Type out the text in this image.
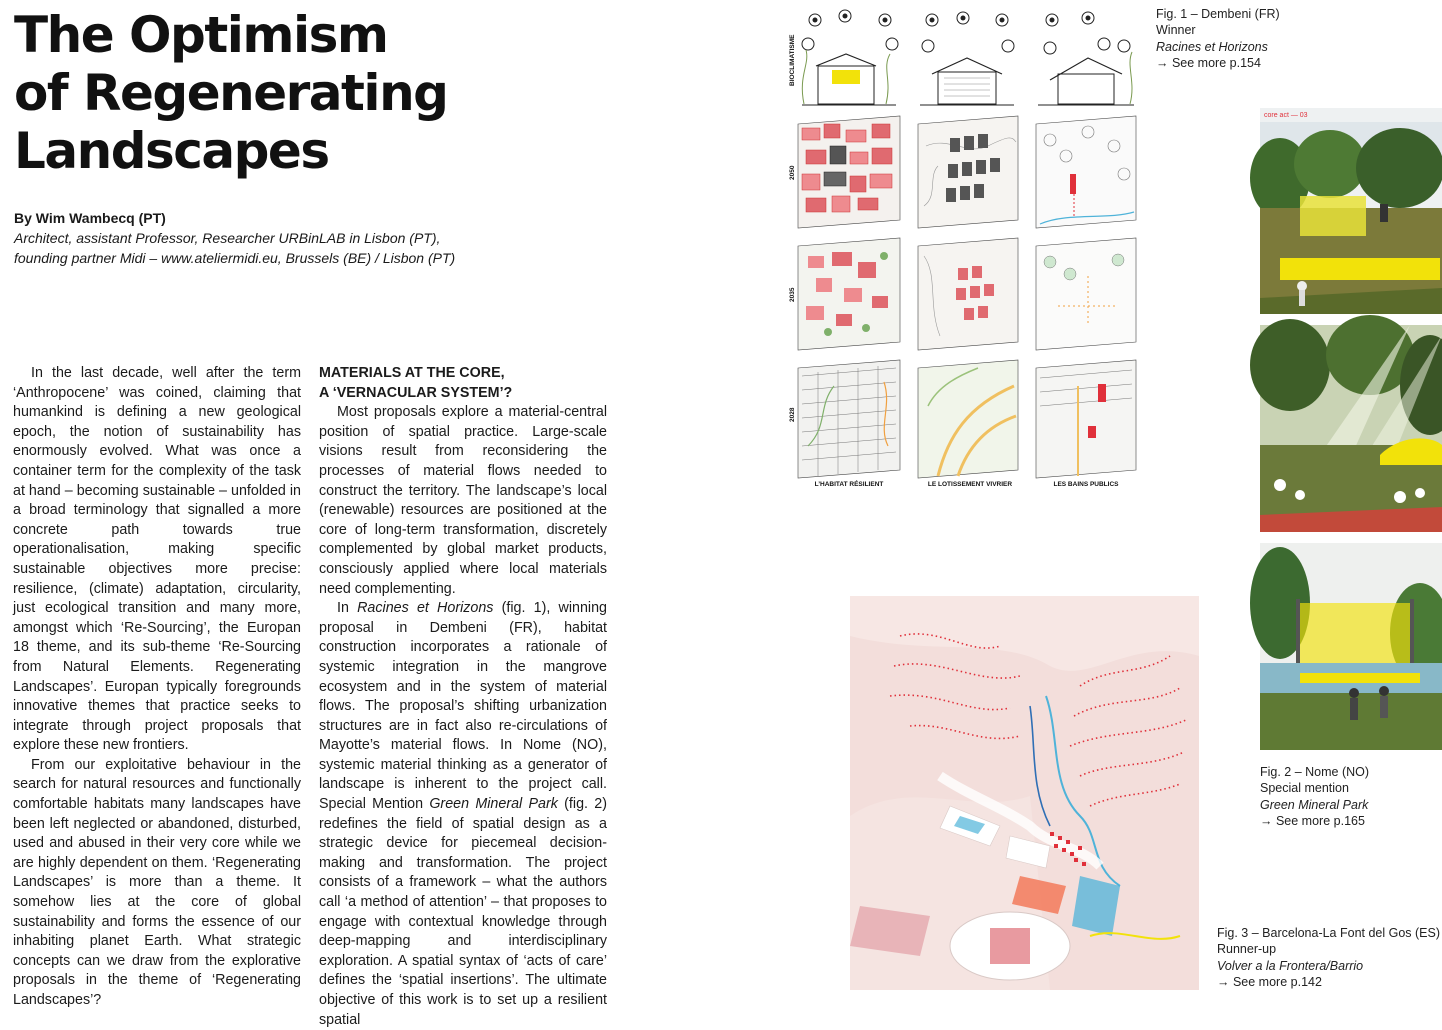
The Optimism
of Regenerating
Landscapes
By Wim Wambecq (PT)
Architect, assistant Professor, Researcher URBinLAB in Lisbon (PT),
founding partner Midi – www.ateliermidi.eu, Brussels (BE) / Lisbon (PT)

In the last decade, well after the term ‘Anthropocene’ was coined, claiming that humankind is defining a new geological epoch, the notion of sustainability has enormously evolved. What was once a container term for the complexity of the task at hand – becoming sustainable – unfolded in a broad terminology that signalled a more concrete path towards true operationalisation, making specific sustainable objectives more precise: resilience, (climate) adaptation, circularity, just ecological transition and many more, amongst which ‘Re-Sourcing’, the Europan 18 theme, and its sub-theme ‘Re-Sourcing from Natural Elements. Regenerating Landscapes’. Europan typically foregrounds innovative themes that practice seeks to integrate through project proposals that explore these new frontiers.

From our exploitative behaviour in the search for natural resources and functionally comfortable habitats many landscapes have been left neglected or abandoned, disturbed, used and abused in their very core while we are highly dependent on them. ‘Regenerating Landscapes’ is more than a theme. It somehow lies at the core of global sustainability and forms the essence of our inhabiting planet Earth. What strategic concepts can we draw from the explorative proposals in the theme of ‘Regenerating Landscapes’?

MATERIALS AT THE CORE,
A ‘VERNACULAR SYSTEM’?

Most proposals explore a material-central position of spatial practice. Large-scale visions result from reconsidering the processes of material flows needed to construct the territory. The landscape’s local (renewable) resources are positioned at the core of long-term transformation, discretely complemented by global market products, consciously applied where local materials need complementing.

In Racines et Horizons (fig. 1), winning proposal in Dembeni (FR), habitat construction incorporates a rationale of systemic integration in the mangrove ecosystem and in the system of material flows. The proposal’s shifting urbanization structures are in fact also re-circulations of Mayotte’s material flows. In Nome (NO), systemic material thinking as a generator of landscape is inherent to the project call. Special Mention Green Mineral Park (fig. 2) redefines the field of spatial design as a strategic device for piecemeal decision-making and transformation. The project consists of a framework – what the authors call ‘a method of attention’ – that proposes to engage with contextual knowledge through deep-mapping and interdisciplinary exploration. A spatial syntax of ‘acts of care’ defines the ‘spatial insertions’. The ultimate objective of this work is to set up a resilient spatial

BIOCLIMATISME
2050
2035
2028
L’HABITAT RÉSILIENT	LE LOTISSEMENT VIVRIER	LES BAINS PUBLICS
Fig. 1 – Dembeni (FR)
Winner
Racines et Horizons
→ See more p.154
core act — 03
Fig. 2 – Nome (NO)
Special mention
Green Mineral Park
→ See more p.165
Fig. 3 – Barcelona-La Font del Gos (ES)
Runner-up
Volver a la Frontera/Barrio
→ See more p.142
